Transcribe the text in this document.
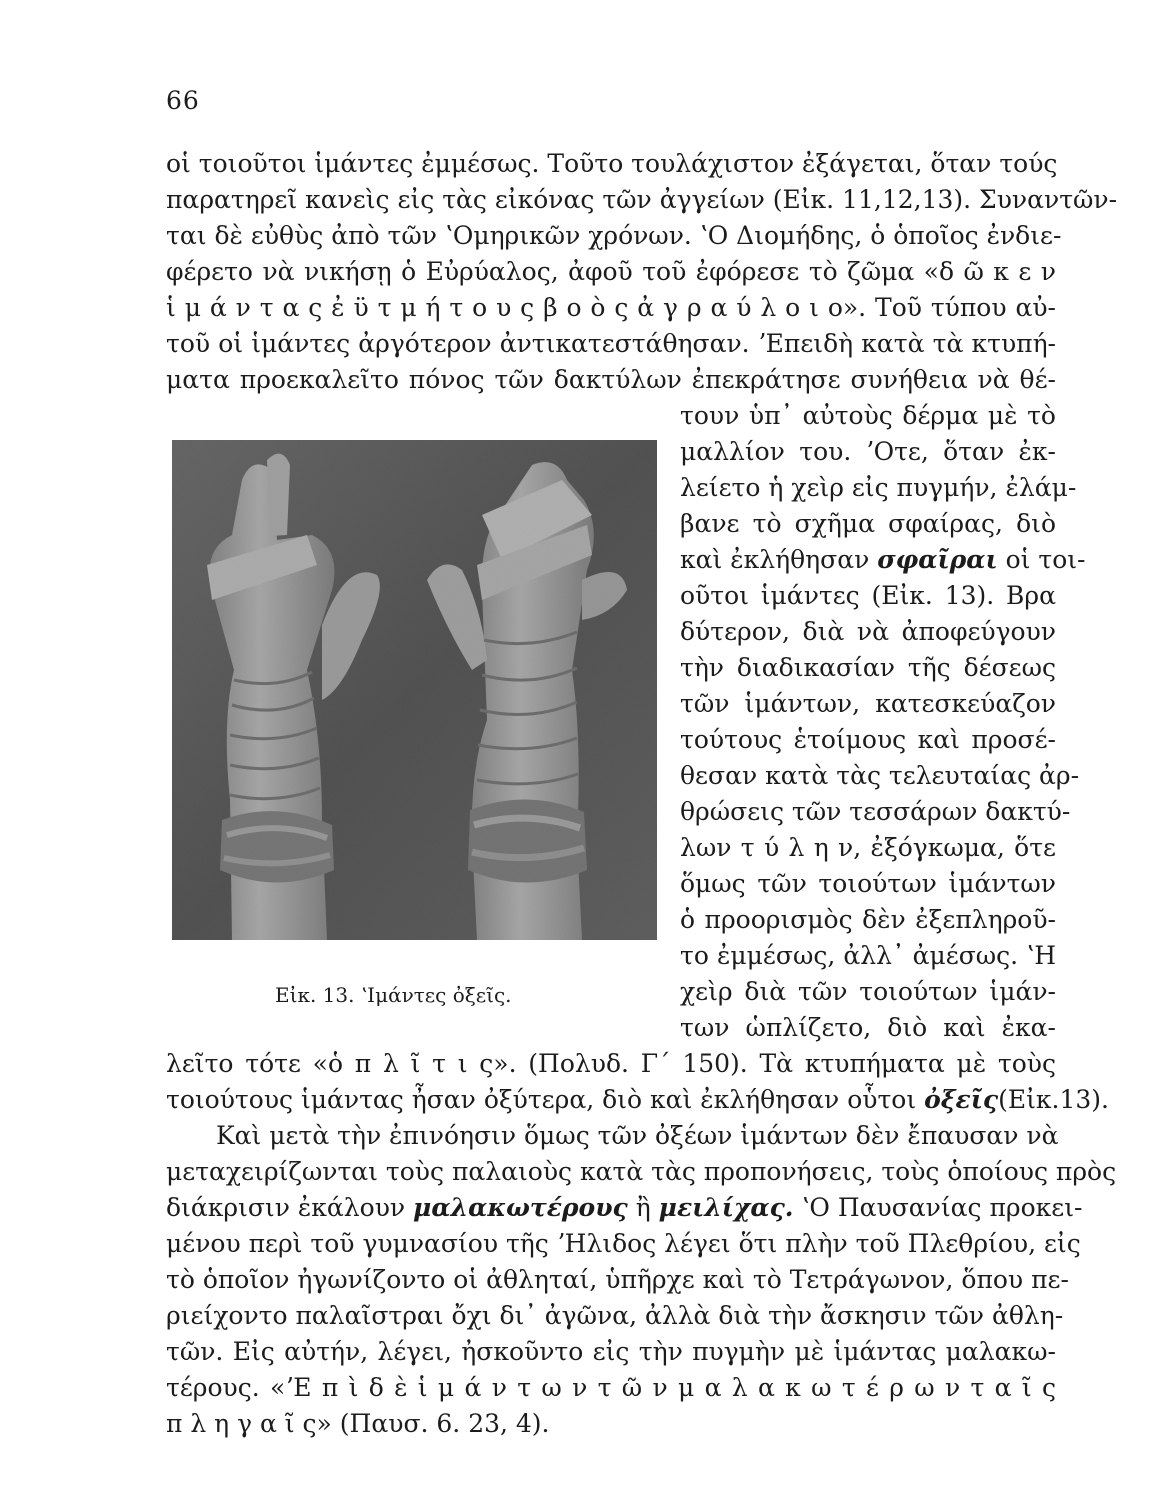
66
οἱ τοιοῦτοι ἱμάντες ἐμμέσως. Τοῦτο τουλάχιστον ἐξάγεται, ὅταν τούς
παρατηρεῖ κανεὶς εἰς τὰς εἰκόνας τῶν ἀγγείων (Εἰκ. 11,12,13). Συναντῶν-
ται δὲ εὐθὺς ἀπὸ τῶν ʽΟμηρικῶν χρόνων. ʽΟ Διομήδης, ὁ ὁποῖος ἐνδιε-
φέρετο νὰ νικήσῃ ὁ Εὐρύαλος, ἀφοῦ τοῦ ἐφόρεσε τὸ ζῶμα «δ ῶ κ ε ν
ἱ μ ά ν τ α ς ἐ ϋ τ μ ή τ ο υ ς β ο ὸ ς ἀ γ ρ α ύ λ ο ι ο». Τοῦ τύπου αὐ-
τοῦ οἱ ἱμάντες ἀργότερον ἀντικατεστάθησαν. ʼΕπειδὴ κατὰ τὰ κτυπή-
ματα προεκαλεῖτο πόνος τῶν δακτύλων ἐπεκράτησε συνήθεια νὰ θέ-
Εἰκ. 13. ʽΙμάντες ὀξεῖς.
τουν ὑπ᾽ αὐτοὺς δέρμα μὲ τὸ
μαλλίον του. ʼΟτε, ὅταν ἐκ-
λείετο ἡ χεὶρ εἰς πυγμήν, ἐλάμ-
βανε τὸ σχῆμα σφαίρας, διὸ
καὶ ἐκλήθησαν σφαῖραι οἱ τοι-
οῦτοι ἱμάντες (Εἰκ. 13). Βρα
δύτερον, διὰ νὰ ἀποφεύγουν
τὴν διαδικασίαν τῆς δέσεως
τῶν ἱμάντων, κατεσκεύαζον
τούτους ἑτοίμους καὶ προσέ-
θεσαν κατὰ τὰς τελευταίας ἀρ-
θρώσεις τῶν τεσσάρων δακτύ-
λων τ ύ λ η ν, ἐξόγκωμα, ὅτε
ὅμως τῶν τοιούτων ἱμάντων
ὁ προορισμὸς δὲν ἐξεπληροῦ-
το ἐμμέσως, ἀλλ᾽ ἀμέσως. ʽΗ
χεὶρ διὰ τῶν τοιούτων ἱμάν-
των ὡπλίζετο, διὸ καὶ ἐκα-
λεῖτο τότε «ὁ π λ ῖ τ ι ς». (Πολυδ. Γ΄ 150). Τὰ κτυπήματα μὲ τοὺς
τοιούτους ἱμάντας ἦσαν ὀξύτερα, διὸ καὶ ἐκλήθησαν οὗτοι ὀξεῖς(Εἰκ.13).
Καὶ μετὰ τὴν ἐπινόησιν ὅμως τῶν ὀξέων ἱμάντων δὲν ἔπαυσαν νὰ
μεταχειρίζωνται τοὺς παλαιοὺς κατὰ τὰς προπονήσεις, τοὺς ὁποίους πρὸς
διάκρισιν ἐκάλουν μαλακωτέρους ἢ μειλίχας. ʽΟ Παυσανίας προκει-
μένου περὶ τοῦ γυμνασίου τῆς ʼΗλιδος λέγει ὅτι πλὴν τοῦ Πλεθρίου, εἰς
τὸ ὁποῖον ἠγωνίζοντο οἱ ἀθληταί, ὑπῆρχε καὶ τὸ Τετράγωνον, ὅπου πε-
ριείχοντο παλαῖστραι ὄχι δι᾽ ἀγῶνα, ἀλλὰ διὰ τὴν ἄσκησιν τῶν ἀθλη-
τῶν. Εἰς αὐτήν, λέγει, ἠσκοῦντο εἰς τὴν πυγμὴν μὲ ἱμάντας μαλακω-
τέρους. «ʼΕ π ὶ δ ὲ ἱ μ ά ν τ ω ν τ ῶ ν μ α λ α κ ω τ έ ρ ω ν τ α ῖ ς
π λ η γ α ῖ ς» (Παυσ. 6. 23, 4).
